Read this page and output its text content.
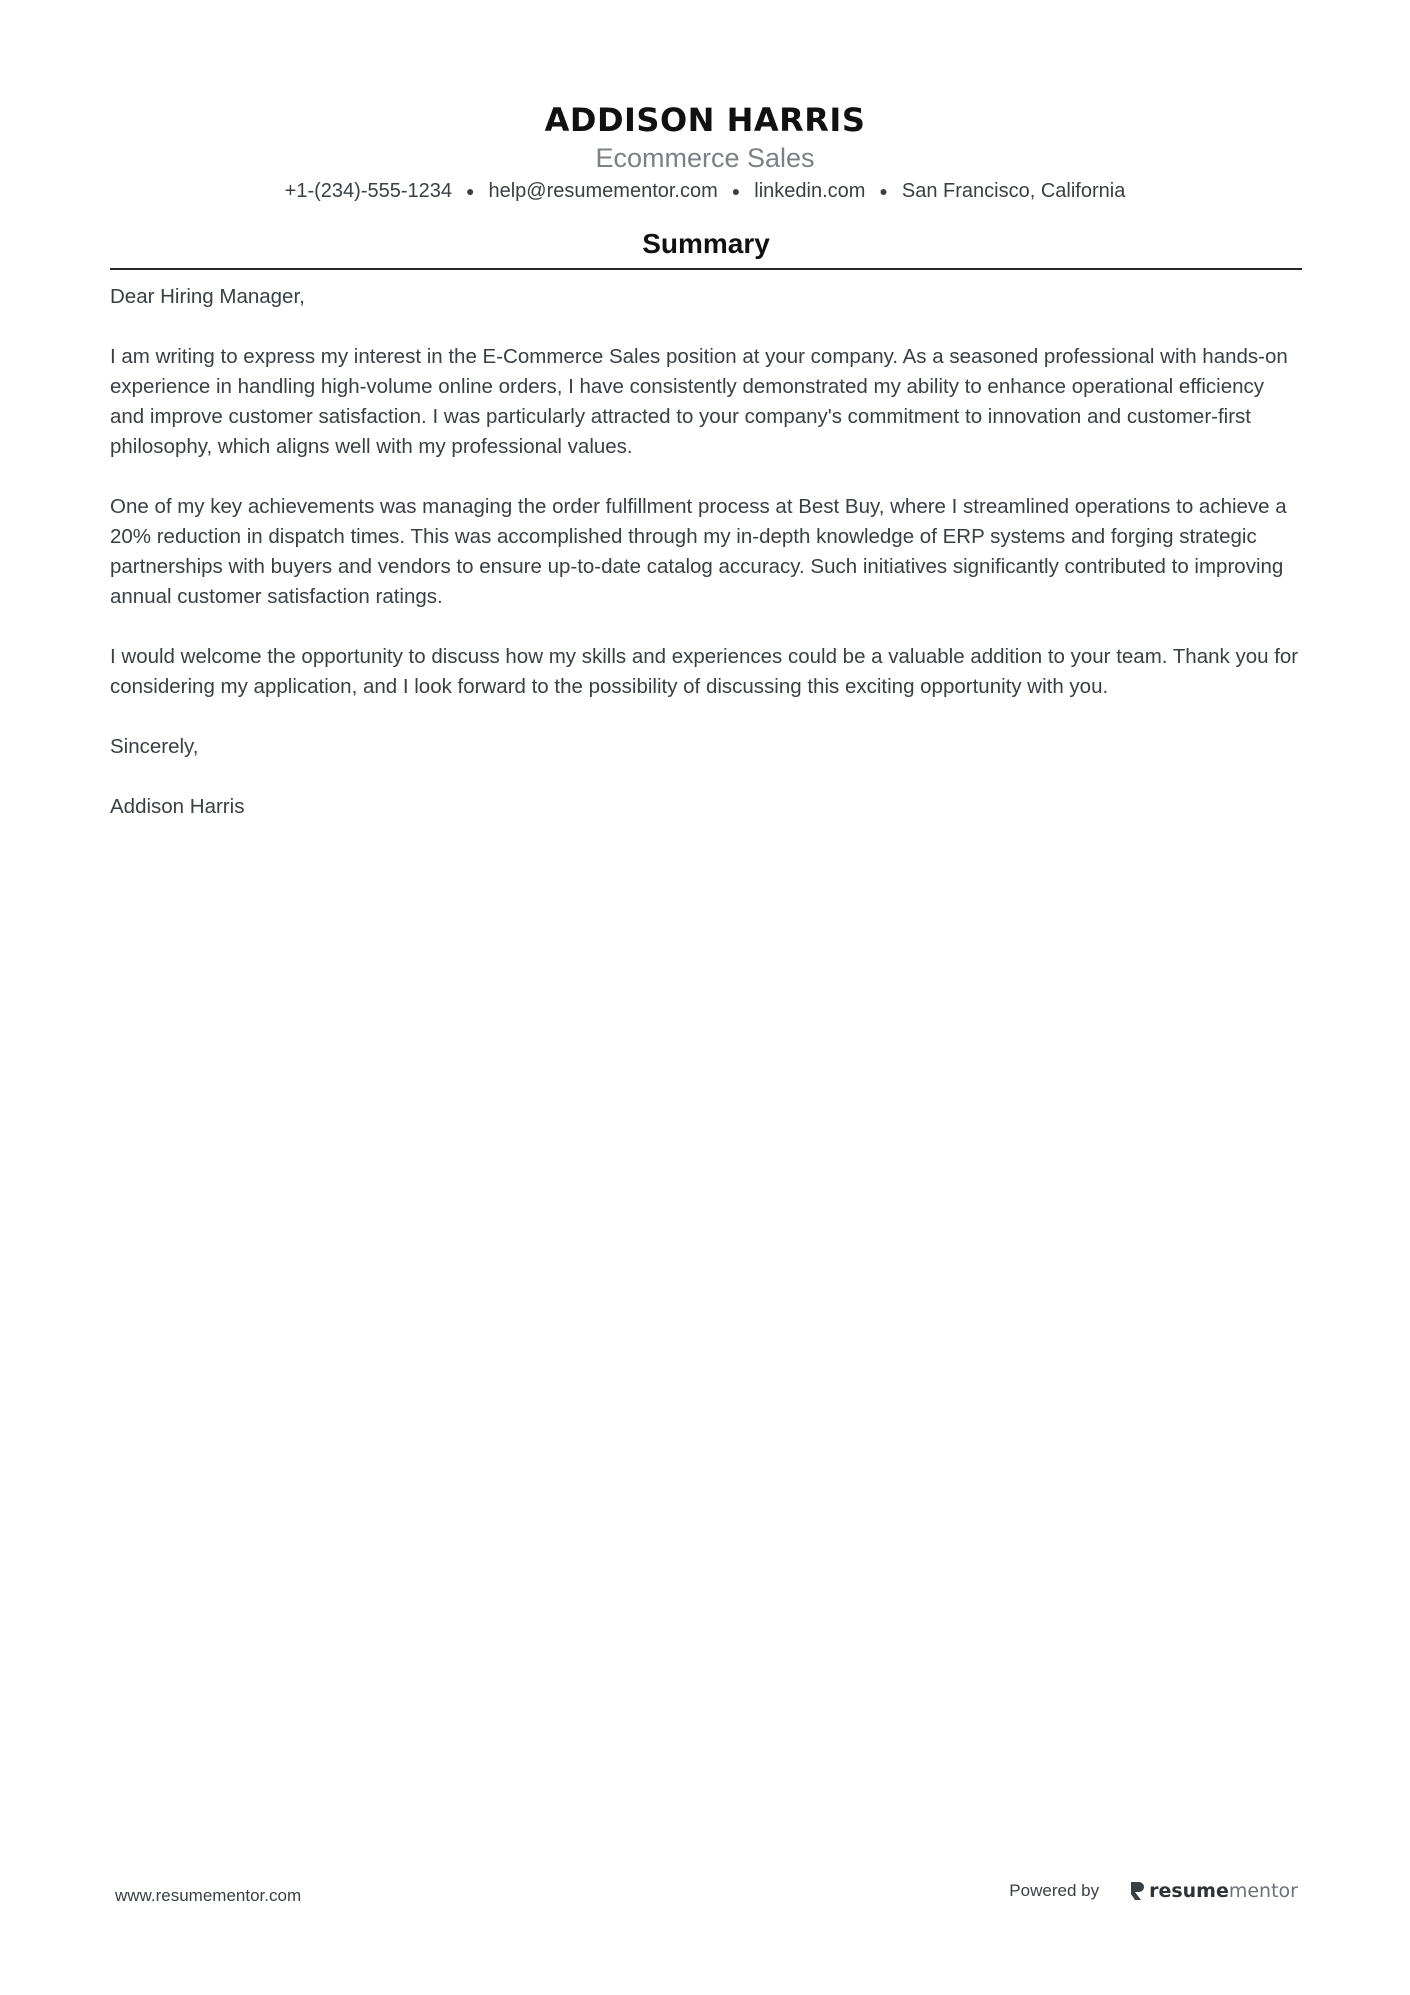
ADDISON HARRIS
Ecommerce Sales
+1-(234)-555-1234 ● help@resumementor.com ● linkedin.com ● San Francisco, California
Summary

Dear Hiring Manager,

I am writing to express my interest in the E-Commerce Sales position at your company. As a seasoned professional with hands-on experience in handling high-volume online orders, I have consistently demonstrated my ability to enhance operational efficiency and improve customer satisfaction. I was particularly attracted to your company's commitment to innovation and customer-first philosophy, which aligns well with my professional values.

One of my key achievements was managing the order fulfillment process at Best Buy, where I streamlined operations to achieve a 20% reduction in dispatch times. This was accomplished through my in-depth knowledge of ERP systems and forging strategic partnerships with buyers and vendors to ensure up-to-date catalog accuracy. Such initiatives significantly contributed to improving annual customer satisfaction ratings.

I would welcome the opportunity to discuss how my skills and experiences could be a valuable addition to your team. Thank you for considering my application, and I look forward to the possibility of discussing this exciting opportunity with you.

Sincerely,

Addison Harris

www.resumementor.com	Powered by	resume mentor
